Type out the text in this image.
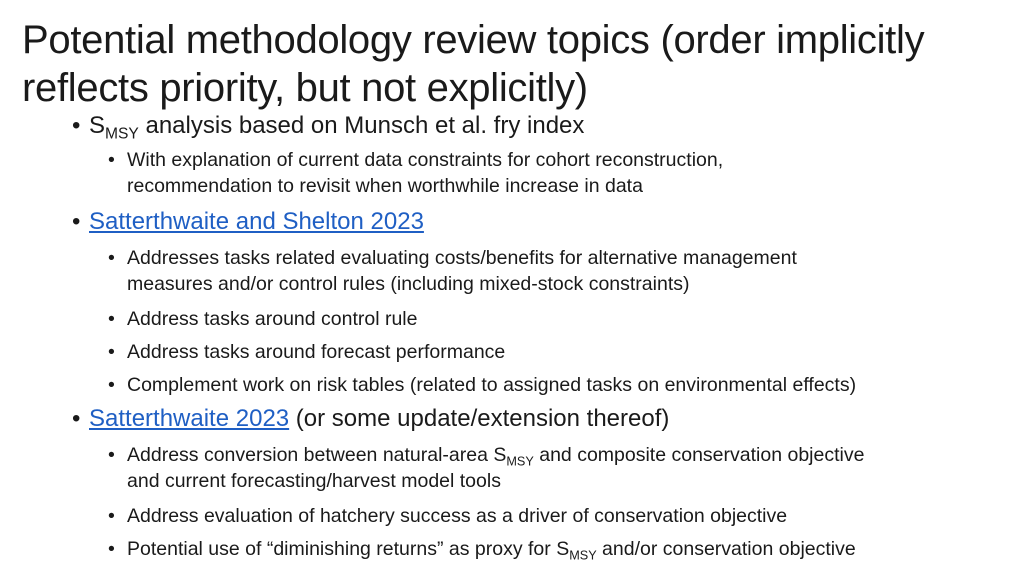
Potential methodology review topics (order implicitly reflects priority, but not explicitly)
• $S_{MSY}$ analysis based on Munsch et al. fry index
• With explanation of current data constraints for cohort reconstruction,
recommendation to revisit when worthwhile increase in data
• Satterthwaite and Shelton 2023
• Addresses tasks related evaluating costs/benefits for alternative management
measures and/or control rules (including mixed-stock constraints)
• Address tasks around control rule
• Address tasks around forecast performance
• Complement work on risk tables (related to assigned tasks on environmental effects)
• Satterthwaite 2023 (or some update/extension thereof)
• Address conversion between natural-area $S_{MSY}$ and composite conservation objective
and current forecasting/harvest model tools
• Address evaluation of hatchery success as a driver of conservation objective
• Potential use of “diminishing returns” as proxy for $S_{MSY}$ and/or conservation objective
